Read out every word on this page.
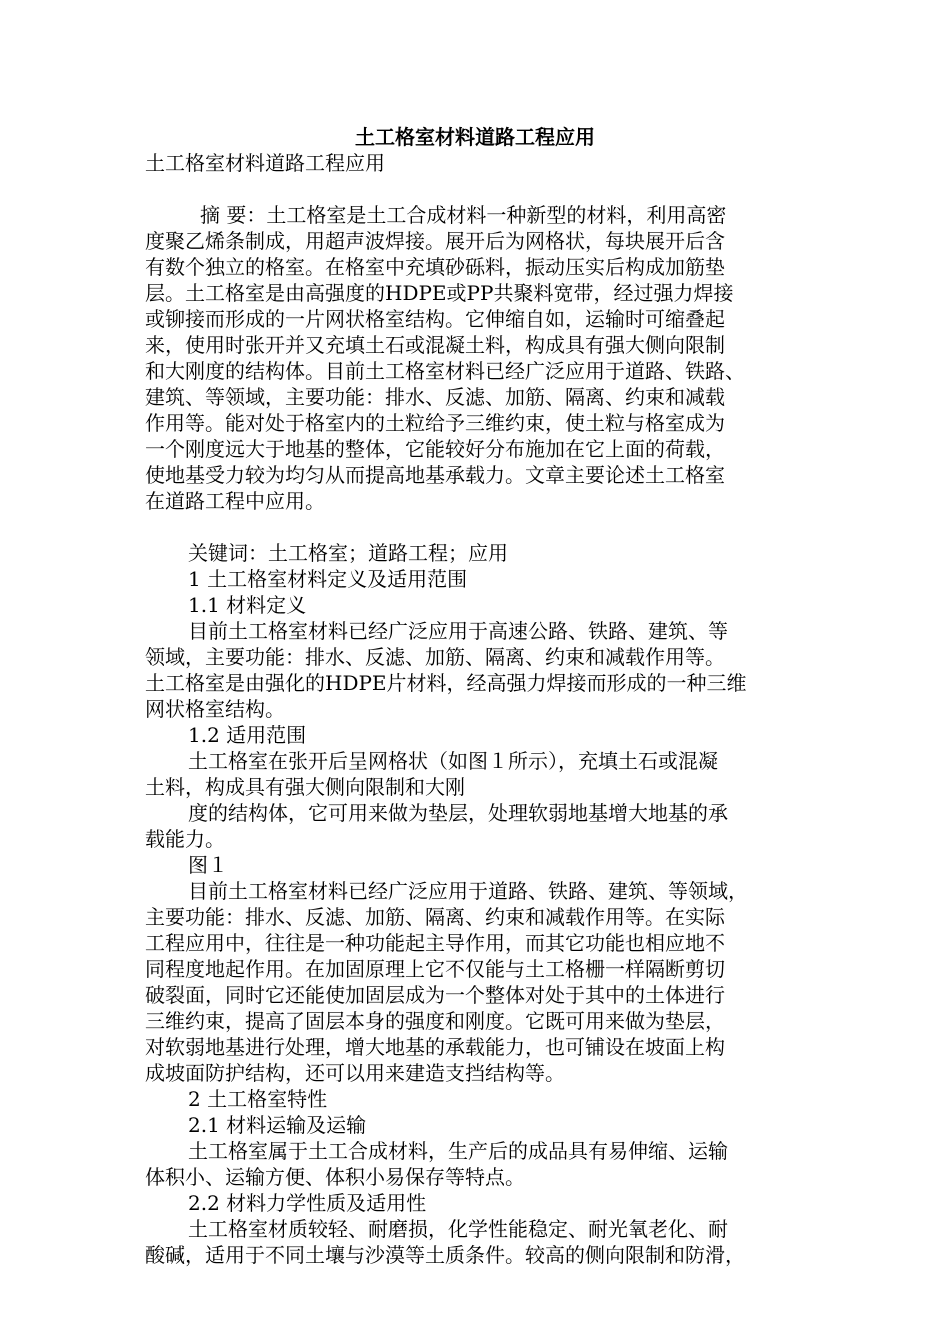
土工格室材料道路工程应用
土工格室材料道路工程应用
摘 要：土工格室是土工合成材料一种新型的材料，利用高密
度聚乙烯条制成，用超声波焊接。展开后为网格状，每块展开后含
有数个独立的格室。在格室中充填砂砾料，振动压实后构成加筋垫
层。土工格室是由高强度的HDPE或PP共聚料宽带，经过强力焊接
或铆接而形成的一片网状格室结构。它伸缩自如，运输时可缩叠起
来，使用时张开并又充填土石或混凝土料，构成具有强大侧向限制
和大刚度的结构体。目前土工格室材料已经广泛应用于道路、铁路、
建筑、等领域，主要功能：排水、反滤、加筋、隔离、约束和减载
作用等。能对处于格室内的土粒给予三维约束，使土粒与格室成为
一个刚度远大于地基的整体，它能较好分布施加在它上面的荷载，
使地基受力较为均匀从而提高地基承载力。文章主要论述土工格室
在道路工程中应用。
关键词：土工格室；道路工程；应用
1 土工格室材料定义及适用范围
1.1 材料定义
目前土工格室材料已经广泛应用于高速公路、铁路、建筑、等
领域，主要功能：排水、反滤、加筋、隔离、约束和减载作用等。
土工格室是由强化的HDPE片材料，经高强力焊接而形成的一种三维
网状格室结构。
1.2 适用范围
土工格室在张开后呈网格状（如图１所示），充填土石或混凝
土料，构成具有强大侧向限制和大刚
度的结构体，它可用来做为垫层，处理软弱地基增大地基的承
载能力。
图１
目前土工格室材料已经广泛应用于道路、铁路、建筑、等领域，
主要功能：排水、反滤、加筋、隔离、约束和减载作用等。在实际
工程应用中，往往是一种功能起主导作用，而其它功能也相应地不
同程度地起作用。在加固原理上它不仅能与土工格栅一样隔断剪切
破裂面，同时它还能使加固层成为一个整体对处于其中的土体进行
三维约束，提高了固层本身的强度和刚度。它既可用来做为垫层，
对软弱地基进行处理，增大地基的承载能力，也可铺设在坡面上构
成坡面防护结构，还可以用来建造支挡结构等。
2 土工格室特性
2.1 材料运输及运输
土工格室属于土工合成材料，生产后的成品具有易伸缩、运输
体积小、运输方便、体积小易保存等特点。
2.2 材料力学性质及适用性
土工格室材质较轻、耐磨损，化学性能稳定、耐光氧老化、耐
酸碱，适用于不同土壤与沙漠等土质条件。较高的侧向限制和防滑，
